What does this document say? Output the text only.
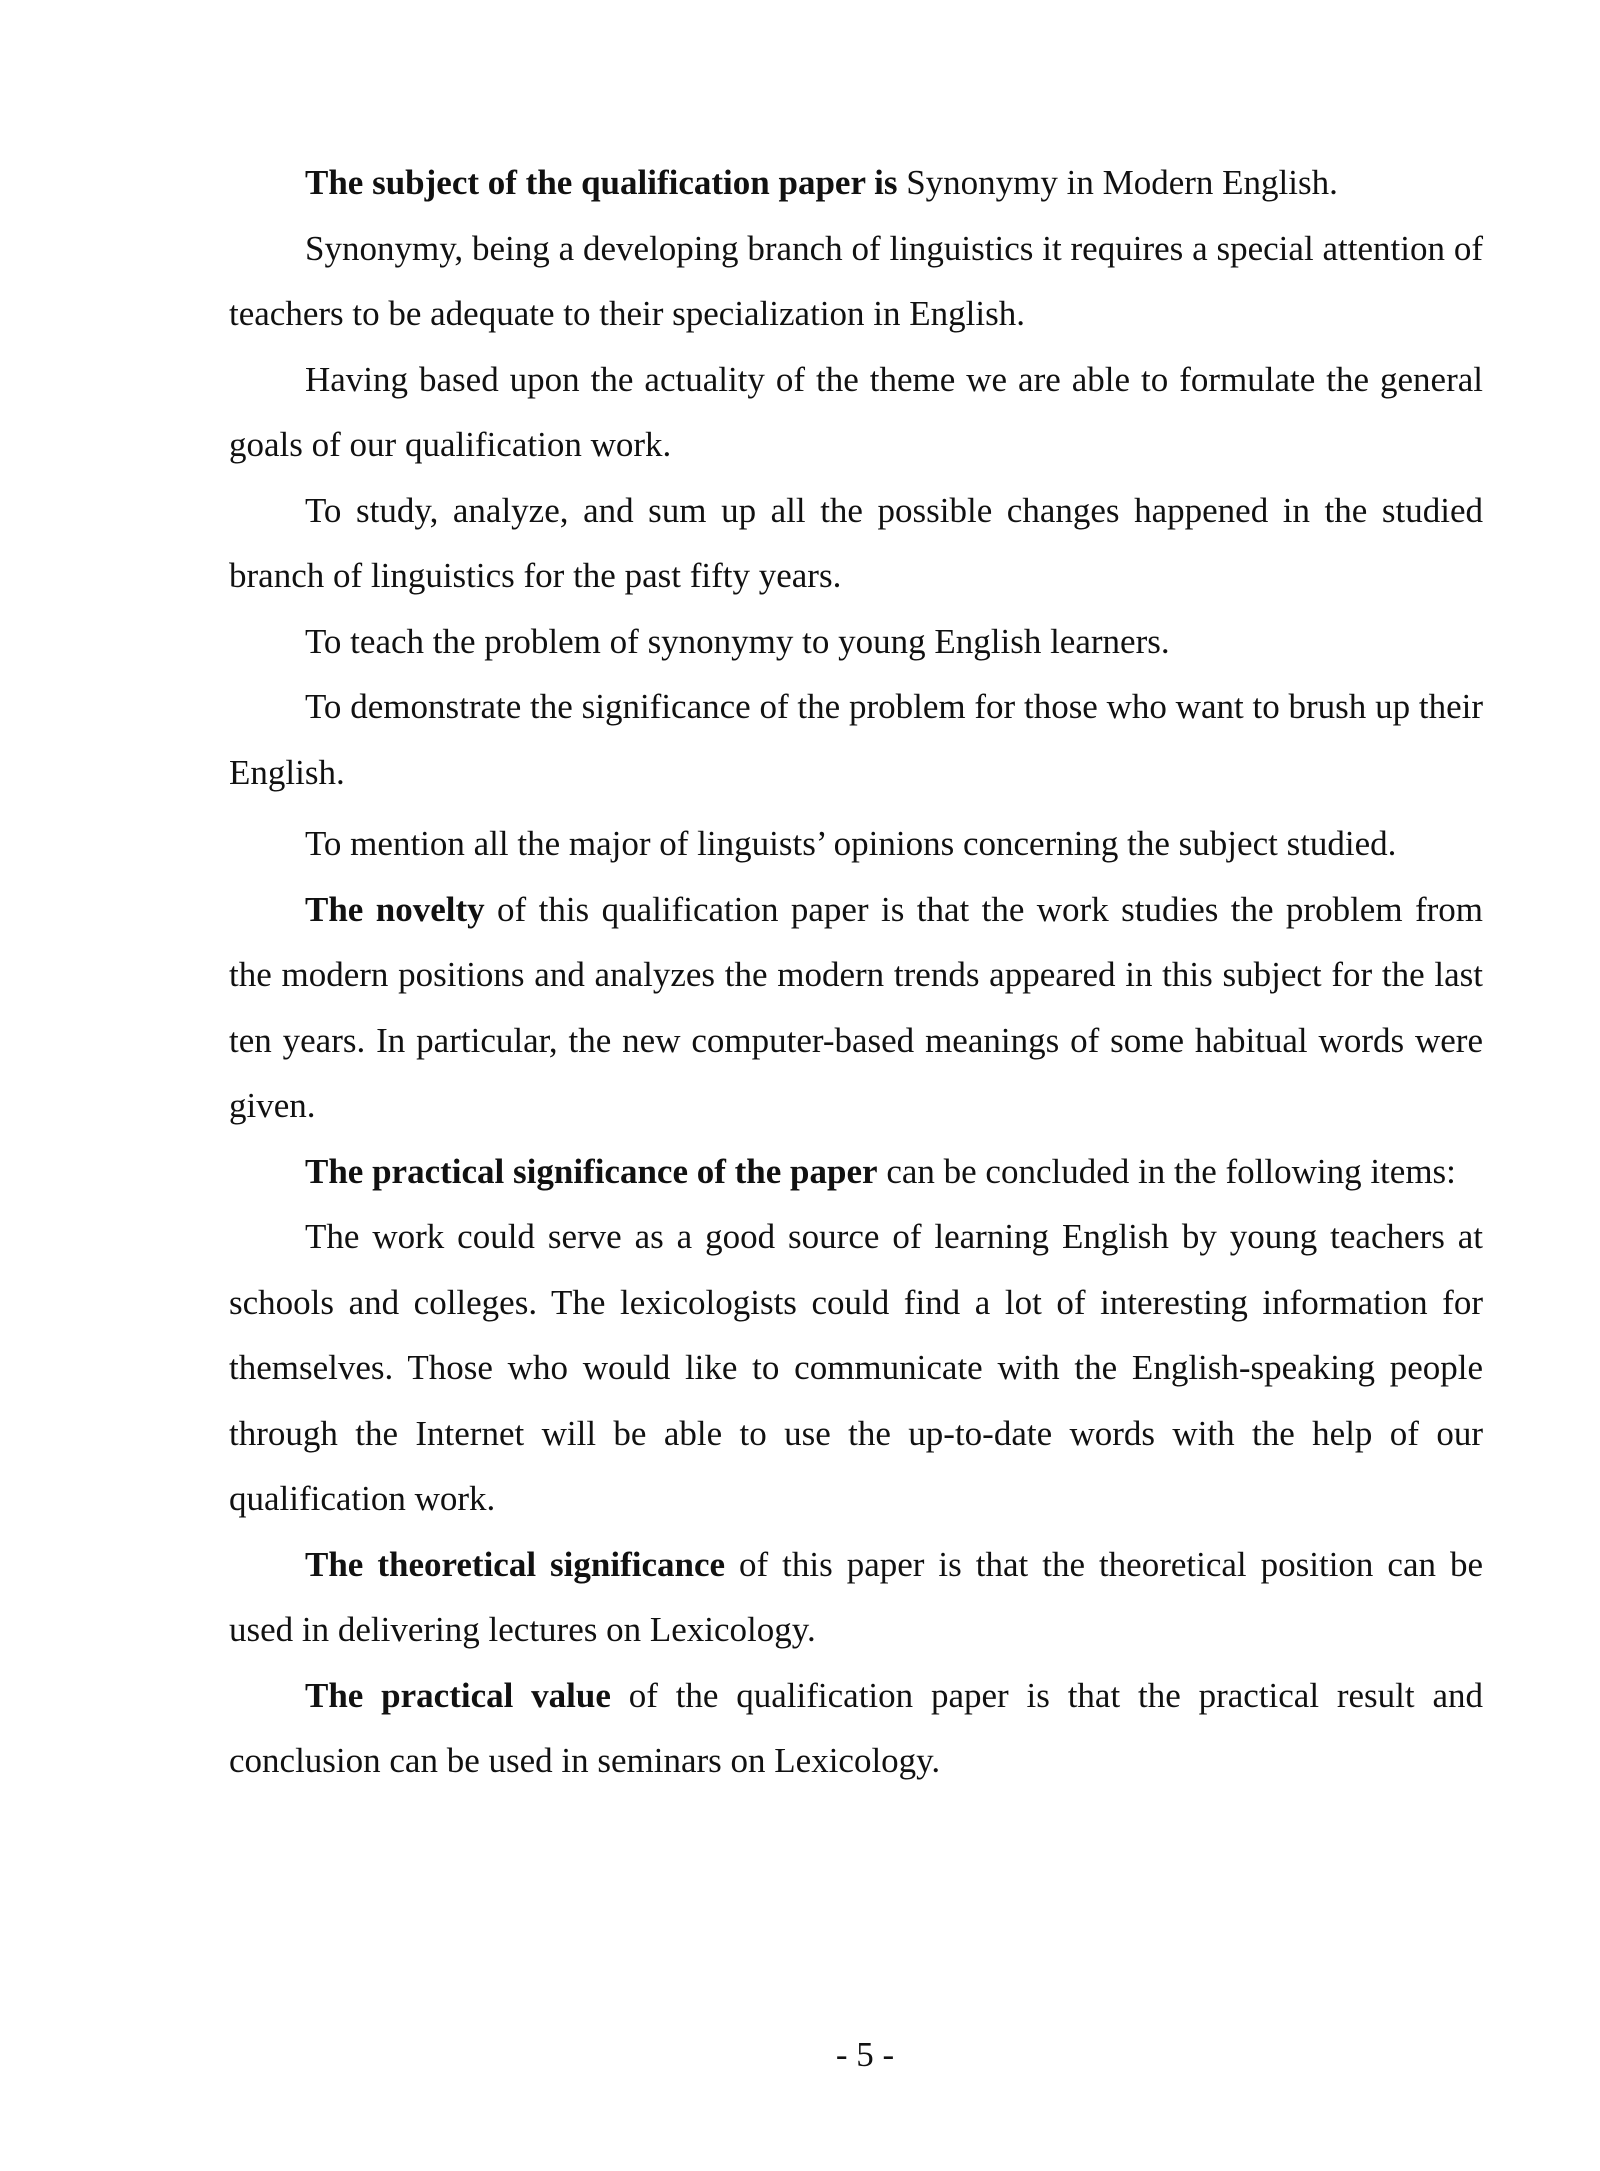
The subject of the qualification paper is Synonymy in Modern English.

Synonymy, being a developing branch of linguistics it requires a special attention of teachers to be adequate to their specialization in English.

Having based upon the actuality of the theme we are able to formulate the general goals of our qualification work.

To study, analyze, and sum up all the possible changes happened in the studied branch of linguistics for the past fifty years.

To teach the problem of synonymy to young English learners.

To demonstrate the significance of the problem for those who want to brush up their English.

To mention all the major of linguists’ opinions concerning the subject studied.

The novelty of this qualification paper is that the work studies the problem from the modern positions and analyzes the modern trends appeared in this subject for the last ten years. In particular, the new computer-based meanings of some habitual words were given.

The practical significance of the paper can be concluded in the following items:

The work could serve as a good source of learning English by young teachers at schools and colleges. The lexicologists could find a lot of interesting information for themselves. Those who would like to communicate with the English-speaking people through the Internet will be able to use the up-to-date words with the help of our qualification work.

The theoretical significance of this paper is that the theoretical position can be used in delivering lectures on Lexicology.

The practical value of the qualification paper is that the practical result and conclusion can be used in seminars on Lexicology.

- 5 -
